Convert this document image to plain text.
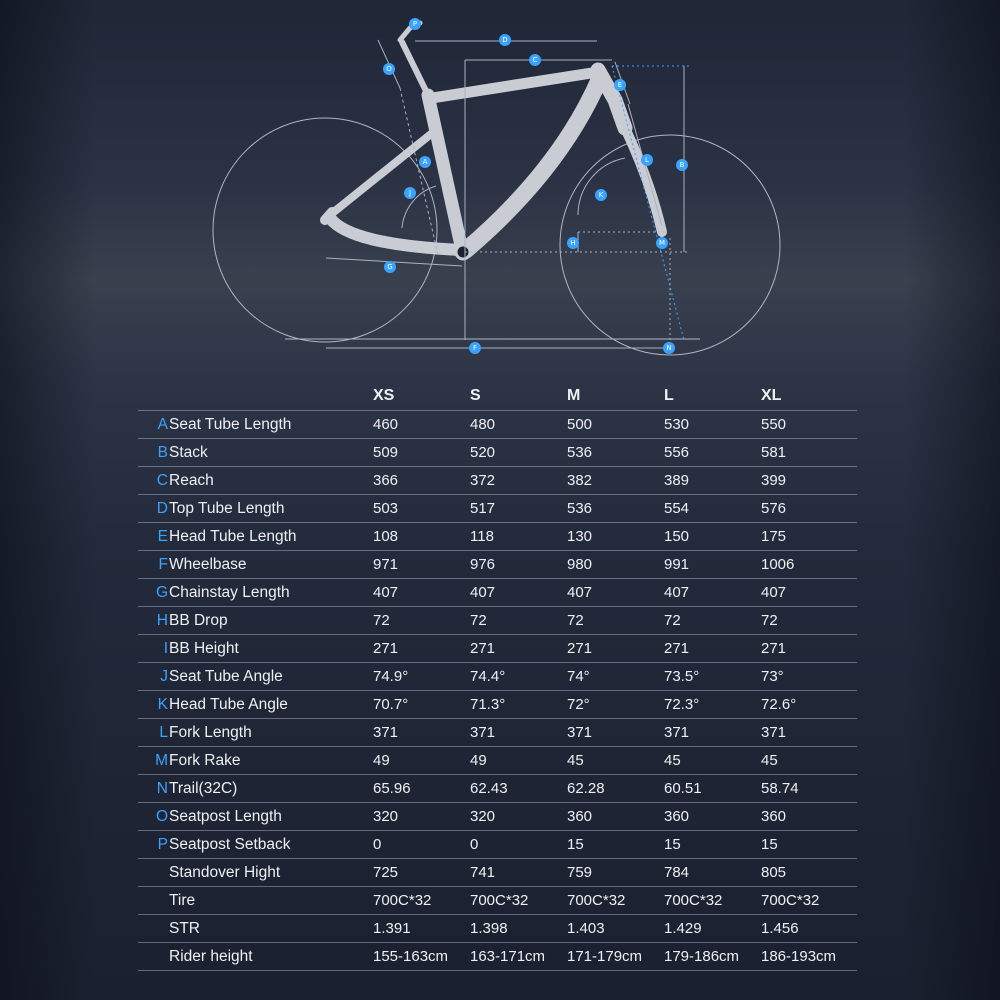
P
O
D
C
E
B
L
A
J	K
H	M
G
F	N
	XS	S	M	L	XL
ASeat Tube Length	460	480	500	530	550
BStack	509	520	536	556	581
CReach	366	372	382	389	399
DTop Tube Length	503	517	536	554	576
EHead Tube Length	108	118	130	150	175
FWheelbase	971	976	980	991	1006
GChainstay Length	407	407	407	407	407
HBB Drop	72	72	72	72	72
IBB Height	271	271	271	271	271
JSeat Tube Angle	74.9°	74.4°	74°	73.5°	73°
KHead Tube Angle	70.7°	71.3°	72°	72.3°	72.6°
LFork Length	371	371	371	371	371
MFork Rake	49	49	45	45	45
NTrail(32C)	65.96	62.43	62.28	60.51	58.74
OSeatpost Length	320	320	360	360	360
PSeatpost Setback	0	0	15	15	15
Standover Hight	725	741	759	784	805
Tire	700C*32	700C*32	700C*32	700C*32	700C*32
STR	1.391	1.398	1.403	1.429	1.456
Rider height	155-163cm	163-171cm	171-179cm	179-186cm	186-193cm
